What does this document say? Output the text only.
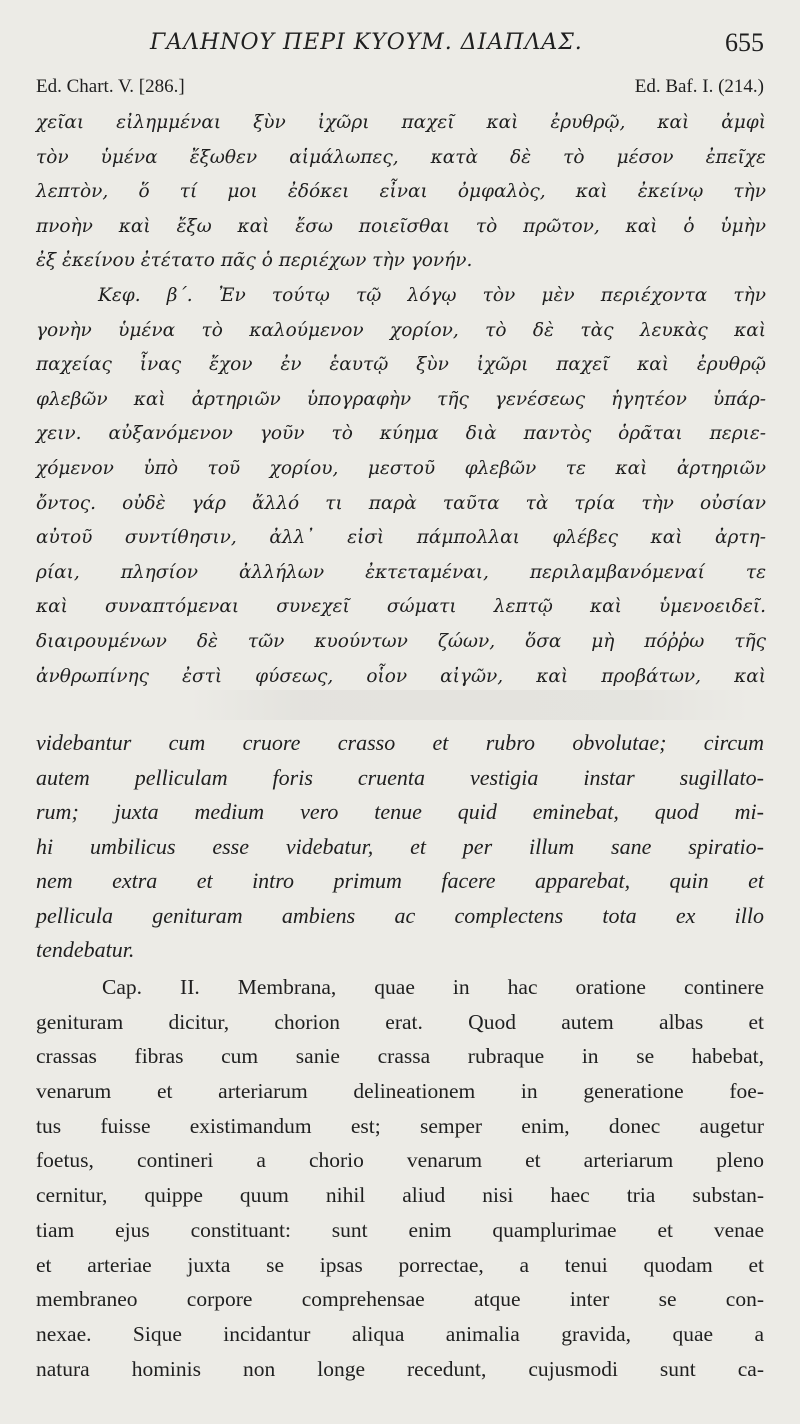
ΓΑΛΗΝΟΥ ΠΕΡΙ ΚΥΟΥΜ. ΔΙΑΠΛΑΣ.	655
Ed. Chart. V. [286.]	Ed. Baf. I. (214.)
χεῖαι εἰλημμέναι ξὺν ἰχῶρι παχεῖ καὶ ἐρυθρῷ, καὶ ἀμφὶ
τὸν ὑμένα ἔξωθεν αἱμάλωπες, κατὰ δὲ τὸ μέσον ἐπεῖχε
λεπτὸν, ὅ τί μοι ἐδόκει εἶναι ὀμφαλὸς, καὶ ἐκείνῳ τὴν
πνοὴν καὶ ἔξω καὶ ἔσω ποιεῖσθαι τὸ πρῶτον, καὶ ὁ ὑμὴν
ἐξ ἐκείνου ἐτέτατο πᾶς ὁ περιέχων τὴν γονήν.
Κεφ. β΄. Ἐν τούτῳ τῷ λόγῳ τὸν μὲν περιέχοντα τὴν
γονὴν ὑμένα τὸ καλούμενον χορίον, τὸ δὲ τὰς λευκὰς καὶ
παχείας ἶνας ἔχον ἐν ἑαυτῷ ξὺν ἰχῶρι παχεῖ καὶ ἐρυθρῷ
φλεβῶν καὶ ἀρτηριῶν ὑπογραφὴν τῆς γενέσεως ἡγητέον ὑπάρ-
χειν. αὐξανόμενον γοῦν τὸ κύημα διὰ παντὸς ὁρᾶται περιε-
χόμενον ὑπὸ τοῦ χορίου, μεστοῦ φλεβῶν τε καὶ ἀρτηριῶν
ὄντος. οὐδὲ γάρ ἄλλό τι παρὰ ταῦτα τὰ τρία τὴν οὐσίαν
αὐτοῦ συντίθησιν, ἀλλ᾽ εἰσὶ πάμπολλαι φλέβες καὶ ἀρτη-
ρίαι, πλησίον ἀλλήλων ἐκτεταμέναι, περιλαμβανόμεναί τε
καὶ συναπτόμεναι συνεχεῖ σώματι λεπτῷ καὶ ὑμενοειδεῖ.
διαιρουμένων δὲ τῶν κυούντων ζώων, ὅσα μὴ πόῤῥω τῆς
ἀνθρωπίνης ἐστὶ φύσεως, οἷον αἰγῶν, καὶ προβάτων, καὶ
videbantur cum cruore crasso et rubro obvolutae; circum
autem pelliculam foris cruenta vestigia instar sugillato-
rum; juxta medium vero tenue quid eminebat, quod mi-
hi umbilicus esse videbatur, et per illum sane spiratio-
nem extra et intro primum facere apparebat, quin et
pellicula genituram ambiens ac complectens tota ex illo
tendebatur.
Cap. II. Membrana, quae in hac oratione continere
genituram dicitur, chorion erat. Quod autem albas et
crassas fibras cum sanie crassa rubraque in se habebat,
venarum et arteriarum delineationem in generatione foe-
tus fuisse existimandum est; semper enim, donec augetur
foetus, contineri a chorio venarum et arteriarum pleno
cernitur, quippe quum nihil aliud nisi haec tria substan-
tiam ejus constituant: sunt enim quamplurimae et venae
et arteriae juxta se ipsas porrectae, a tenui quodam et
membraneo corpore comprehensae atque inter se con-
nexae. Sique incidantur aliqua animalia gravida, quae a
natura hominis non longe recedunt, cujusmodi sunt ca-
